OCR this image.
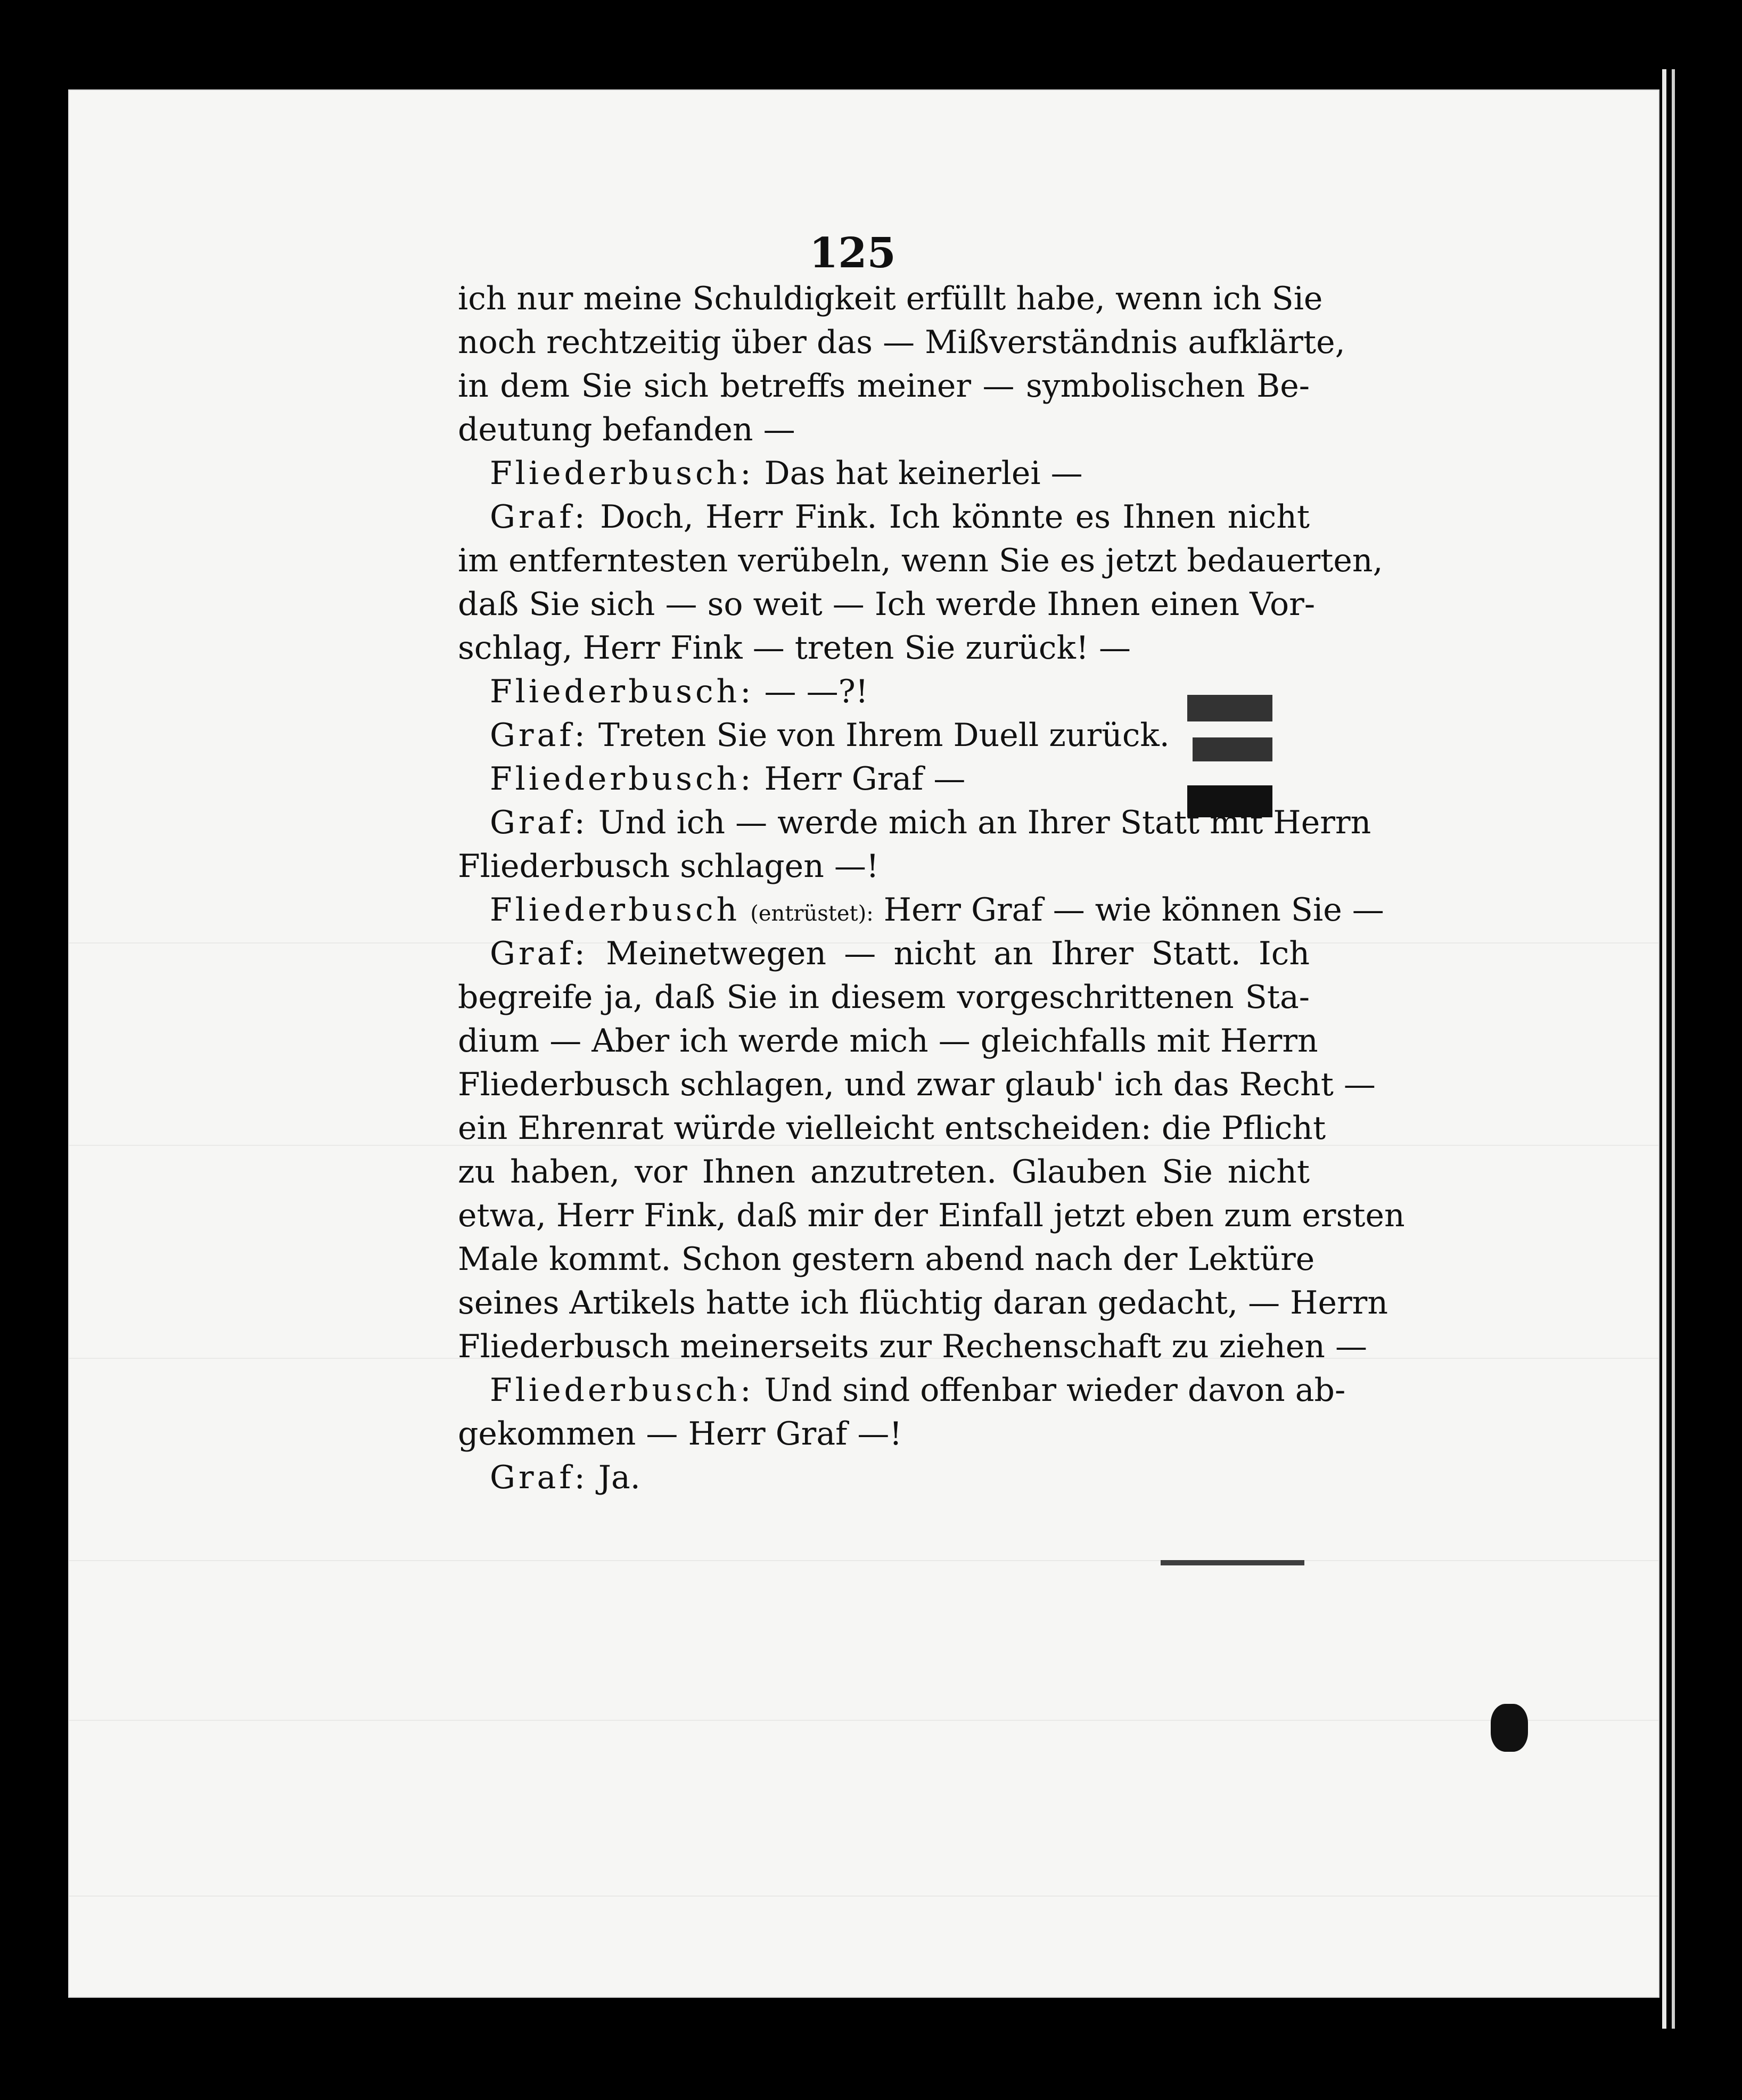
125
ich nur meine Schuldigkeit erfüllt habe, wenn ich Sie
noch rechtzeitig über das — Mißverständnis aufklärte,
in dem Sie sich betreffs meiner — symbolischen Be-
deutung befanden —
Fliederbusch: Das hat keinerlei —
Graf: Doch, Herr Fink. Ich könnte es Ihnen nicht
im entferntesten verübeln, wenn Sie es jetzt bedauerten,
daß Sie sich — so weit — Ich werde Ihnen einen Vor-
schlag, Herr Fink — treten Sie zurück! —
Fliederbusch: — —?!
Graf: Treten Sie von Ihrem Duell zurück.
Fliederbusch: Herr Graf —
Graf: Und ich — werde mich an Ihrer Statt mit Herrn
Fliederbusch schlagen —!
Fliederbusch (entrüstet): Herr Graf — wie können Sie —
Graf: Meinetwegen — nicht an Ihrer Statt. Ich
begreife ja, daß Sie in diesem vorgeschrittenen Sta-
dium — Aber ich werde mich — gleichfalls mit Herrn
Fliederbusch schlagen, und zwar glaub' ich das Recht —
ein Ehrenrat würde vielleicht entscheiden: die Pflicht
zu haben, vor Ihnen anzutreten. Glauben Sie nicht
etwa, Herr Fink, daß mir der Einfall jetzt eben zum ersten
Male kommt. Schon gestern abend nach der Lektüre
seines Artikels hatte ich flüchtig daran gedacht, — Herrn
Fliederbusch meinerseits zur Rechenschaft zu ziehen —
Fliederbusch: Und sind offenbar wieder davon ab-
gekommen — Herr Graf —!
Graf: Ja.
